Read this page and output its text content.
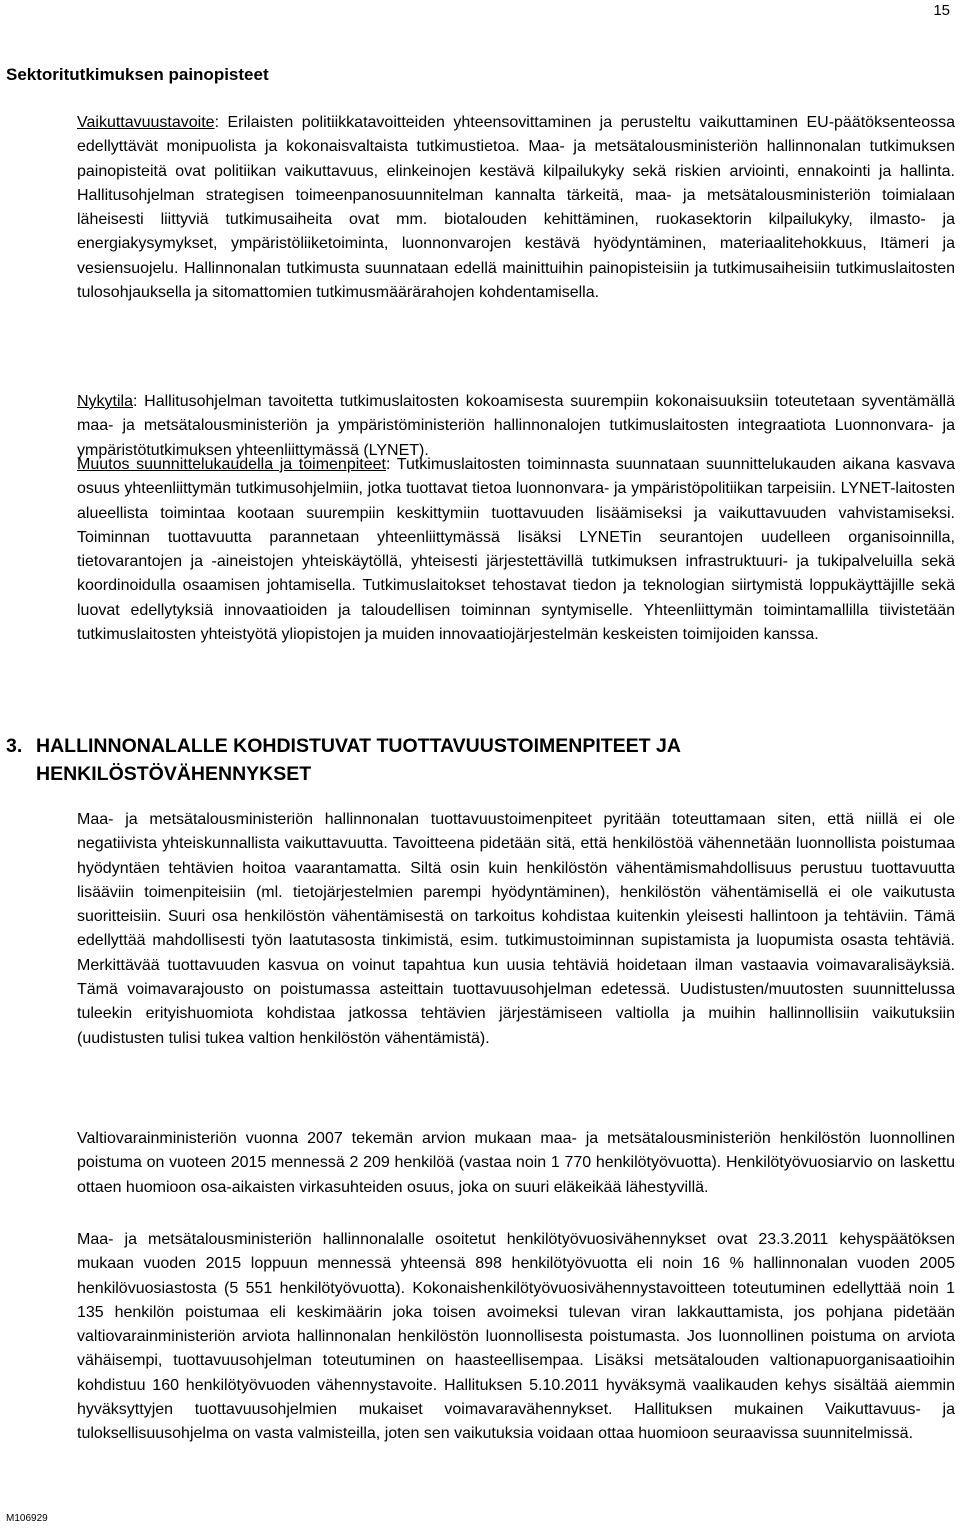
15
Sektoritutkimuksen painopisteet
Vaikuttavuustavoite: Erilaisten politiikkatavoitteiden yhteensovittaminen ja perusteltu vaikuttaminen EU-päätöksenteossa edellyttävät monipuolista ja kokonaisvaltaista tutkimustietoa. Maa- ja metsätalousministeriön hallinnonalan tutkimuksen painopisteitä ovat politiikan vaikuttavuus, elinkeinojen kestävä kilpailukyky sekä riskien arviointi, ennakointi ja hallinta. Hallitusohjelman strategisen toimeenpanosuunnitelman kannalta tärkeitä, maa- ja metsätalousministeriön toimialaan läheisesti liittyviä tutkimusaiheita ovat mm. biotalouden kehittäminen, ruokasektorin kilpailukyky, ilmasto- ja energiakysymykset, ympäristöliiketoiminta, luonnonvarojen kestävä hyödyntäminen, materiaalitehokkuus, Itämeri ja vesiensuojelu. Hallinnonalan tutkimusta suunnataan edellä mainittuihin painopisteisiin ja tutkimusaiheisiin tutkimuslaitosten tulosohjauksella ja sitomattomien tutkimusmäärärahojen kohdentamisella.
Nykytila: Hallitusohjelman tavoitetta tutkimuslaitosten kokoamisesta suurempiin kokonaisuuksiin toteutetaan syventämällä maa- ja metsätalousministeriön ja ympäristöministeriön hallinnonalojen tutkimuslaitosten integraatiota Luonnonvara- ja ympäristötutkimuksen yhteenliittymässä (LYNET).
Muutos suunnittelukaudella ja toimenpiteet: Tutkimuslaitosten toiminnasta suunnataan suunnittelukauden aikana kasvava osuus yhteenliittymän tutkimusohjelmiin, jotka tuottavat tietoa luonnonvara- ja ympäristöpolitiikan tarpeisiin. LYNET-laitosten alueellista toimintaa kootaan suurempiin keskittymiin tuottavuuden lisäämiseksi ja vaikuttavuuden vahvistamiseksi. Toiminnan tuottavuutta parannetaan yhteenliittymässä lisäksi LYNETin seurantojen uudelleen organisoinnilla, tietovarantojen ja -aineistojen yhteiskäytöllä, yhteisesti järjestettävillä tutkimuksen infrastruktuuri- ja tukipalveluilla sekä koordinoidulla osaamisen johtamisella. Tutkimuslaitokset tehostavat tiedon ja teknologian siirtymistä loppukäyttäjille sekä luovat edellytyksiä innovaatioiden ja taloudellisen toiminnan syntymiselle. Yhteenliittymän toimintamallilla tiivistetään tutkimuslaitosten yhteistyötä yliopistojen ja muiden innovaatiojärjestelmän keskeisten toimijoiden kanssa.
3. HALLINNONALALLE KOHDISTUVAT TUOTTAVUUSTOIMENPITEET JA
HENKILÖSTÖVÄHENNYKSET
Maa- ja metsätalousministeriön hallinnonalan tuottavuustoimenpiteet pyritään toteuttamaan siten, että niillä ei ole negatiivista yhteiskunnallista vaikuttavuutta. Tavoitteena pidetään sitä, että henkilöstöä vähennetään luonnollista poistumaa hyödyntäen tehtävien hoitoa vaarantamatta. Siltä osin kuin henkilöstön vähentämismahdollisuus perustuu tuottavuutta lisääviin toimenpiteisiin (ml. tietojärjestelmien parempi hyödyntäminen), henkilöstön vähentämisellä ei ole vaikutusta suoritteisiin. Suuri osa henkilöstön vähentämisestä on tarkoitus kohdistaa kuitenkin yleisesti hallintoon ja tehtäviin. Tämä edellyttää mahdollisesti työn laatutasosta tinkimistä, esim. tutkimustoiminnan supistamista ja luopumista osasta tehtäviä. Merkittävää tuottavuuden kasvua on voinut tapahtua kun uusia tehtäviä hoidetaan ilman vastaavia voimavaralisäyksiä. Tämä voimavarajousto on poistumassa asteittain tuottavuusohjelman edetessä. Uudistusten/muutosten suunnittelussa tuleekin erityishuomiota kohdistaa jatkossa tehtävien järjestämiseen valtiolla ja muihin hallinnollisiin vaikutuksiin (uudistusten tulisi tukea valtion henkilöstön vähentämistä).
Valtiovarainministeriön vuonna 2007 tekemän arvion mukaan maa- ja metsätalousministeriön henkilöstön luonnollinen poistuma on vuoteen 2015 mennessä 2 209 henkilöä (vastaa noin 1 770 henkilötyövuotta). Henkilötyövuosiarvio on laskettu ottaen huomioon osa-aikaisten virkasuhteiden osuus, joka on suuri eläkeikää lähestyvillä.
Maa- ja metsätalousministeriön hallinnonalalle osoitetut henkilötyövuosivähennykset ovat 23.3.2011 kehyspäätöksen mukaan vuoden 2015 loppuun mennessä yhteensä 898 henkilötyövuotta eli noin 16 % hallinnonalan vuoden 2005 henkilövuosiastosta (5 551 henkilötyövuotta). Kokonaishenkilötyövuosivähennystavoitteen toteutuminen edellyttää noin 1 135 henkilön poistumaa eli keskimäärin joka toisen avoimeksi tulevan viran lakkauttamista, jos pohjana pidetään valtiovarainministeriön arviota hallinnonalan henkilöstön luonnollisesta poistumasta. Jos luonnollinen poistuma on arviota vähäisempi, tuottavuusohjelman toteutuminen on haasteellisempaa. Lisäksi metsätalouden valtionapuorganisaatioihin kohdistuu 160 henkilötyövuoden vähennystavoite. Hallituksen 5.10.2011 hyväksymä vaalikauden kehys sisältää aiemmin hyväksyttyjen tuottavuusohjelmien mukaiset voimavaravähennykset. Hallituksen mukainen Vaikuttavuus- ja tuloksellisuusohjelma on vasta valmisteilla, joten sen vaikutuksia voidaan ottaa huomioon seuraavissa suunnitelmissä.
M106929
